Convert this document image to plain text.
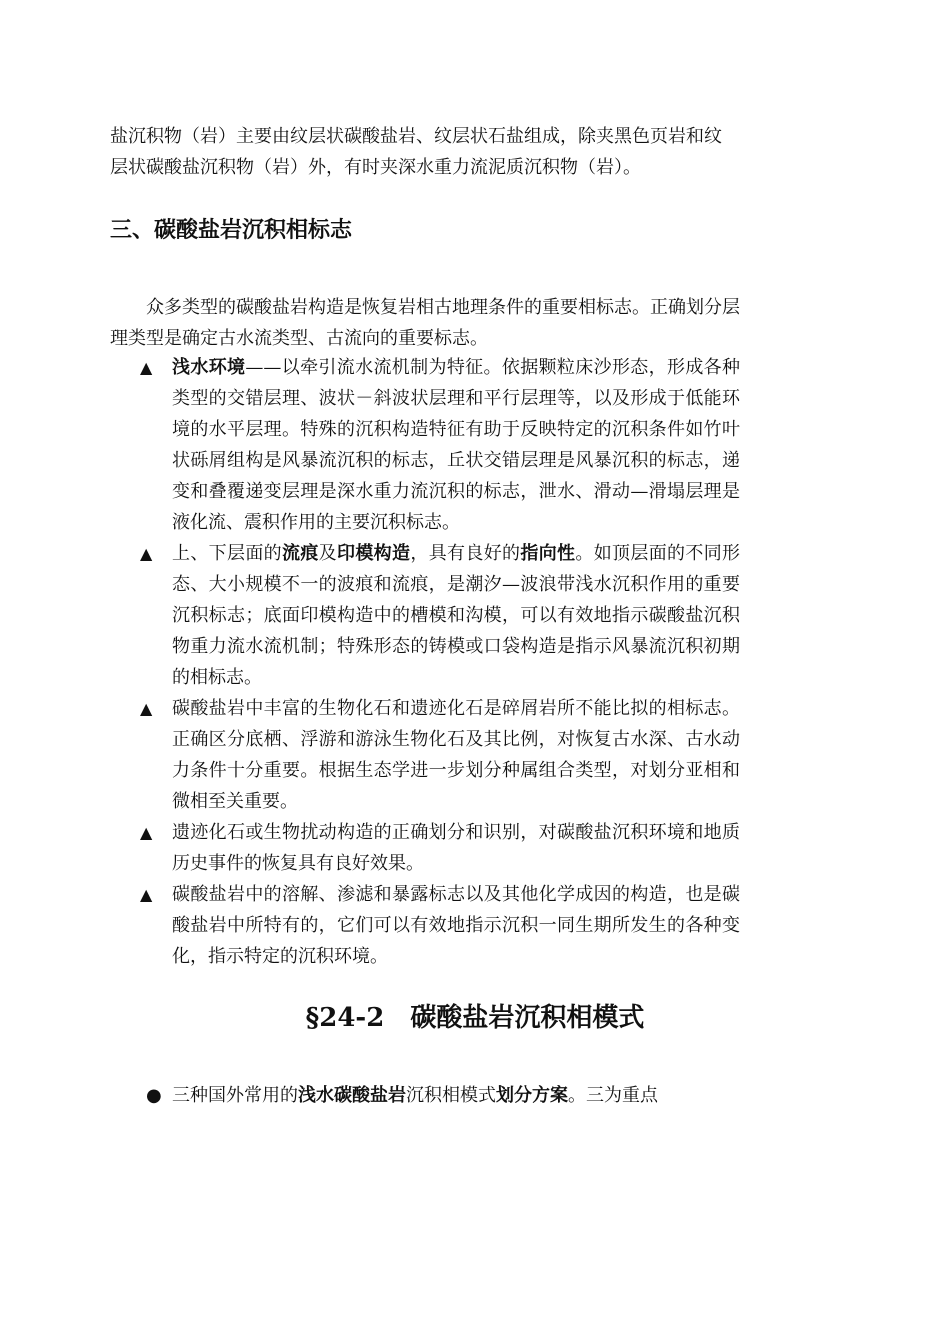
盐沉积物（岩）主要由纹层状碳酸盐岩、纹层状石盐组成，除夹黑色页岩和纹

层状碳酸盐沉积物（岩）外，有时夹深水重力流泥质沉积物（岩）。

三、碳酸盐岩沉积相标志

众多类型的碳酸盐岩构造是恢复岩相古地理条件的重要相标志。正确划分层理类型是确定古水流类型、古流向的重要标志。

▲	浅水环境——以牵引流水流机制为特征。依据颗粒床沙形态，形成各种类型的交错层理、波状－斜波状层理和平行层理等，以及形成于低能环境的水平层理。特殊的沉积构造特征有助于反映特定的沉积条件如竹叶状砾屑组构是风暴流沉积的标志，丘状交错层理是风暴沉积的标志，递变和叠覆递变层理是深水重力流沉积的标志，泄水、滑动—滑塌层理是液化流、震积作用的主要沉积标志。
▲	上、下层面的流痕及印模构造，具有良好的指向性。如顶层面的不同形态、大小规模不一的波痕和流痕，是潮汐—波浪带浅水沉积作用的重要沉积标志；底面印模构造中的槽模和沟模，可以有效地指示碳酸盐沉积物重力流水流机制；特殊形态的铸模或口袋构造是指示风暴流沉积初期的相标志。
▲	碳酸盐岩中丰富的生物化石和遗迹化石是碎屑岩所不能比拟的相标志。正确区分底栖、浮游和游泳生物化石及其比例，对恢复古水深、古水动力条件十分重要。根据生态学进一步划分种属组合类型，对划分亚相和微相至关重要。
▲	遗迹化石或生物扰动构造的正确划分和识别，对碳酸盐沉积环境和地质历史事件的恢复具有良好效果。
▲	碳酸盐岩中的溶解、渗滤和暴露标志以及其他化学成因的构造，也是碳酸盐岩中所特有的，它们可以有效地指示沉积一同生期所发生的各种变化，指示特定的沉积环境。
§24-2　碳酸盐岩沉积相模式

● 三种国外常用的浅水碳酸盐岩沉积相模式划分方案。三为重点
